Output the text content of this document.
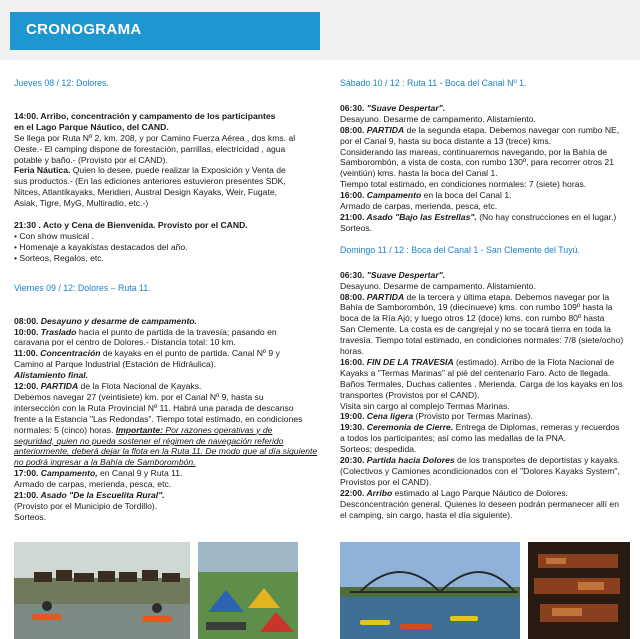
CRONOGRAMA
Jueves 08 / 12: Dolores.
14:00. Arribo, concentración y campamento de los participantes
en el Lago Parque Náutico, del CAND.
Se llega por Ruta Nº 2, km. 208, y por Camino Fuerza Aérea , dos kms. al
Oeste.- El camping dispone de forestación, parrillas, electricidad , agua
potable y baño.- (Provisto por el CAND).
Feria Náutica. Quien lo desee, puede realizar la Exposición y Venta de
sus productos.- (En las ediciones anteriores estuvieron presentes SDK,
Nitces, Atlantikayaks, Meridien, Austral Design Kayaks, Weir, Fugate,
Asiak, Tigre, MyG, Multiradio, etc.-)
21:30 . Acto y Cena de Bienvenida. Provisto por el CAND.
• Con show musical .
• Homenaje a kayakistas destacados del año.
• Sorteos, Regalos, etc.
Viernes 09 / 12: Dolores – Ruta 11.
08:00. Desayuno y desarme de campamento.
10:00. Traslado hacia el punto de partida de la travesía; pasando en
caravana por el centro de Dolores.- Distancia total: 10 km.
11:00. Concentración de kayaks en el punto de partida. Canal Nº 9 y
Camino al Parque Industrial (Estación de Hidráulica).
Alistamiento final.
12:00. PARTIDA de la Flota Nacional de Kayaks.
Debemos navegar 27 (veintisiete) km. por el Canal Nº 9, hasta su
intersección con la Ruta Provincial Nº 11. Habrá una parada de descanso
frente a la Estancia "Las Redondas". Tiempo total estimado, en condiciones
normales: 5 (cinco) horas. Importante: Por razones operativas y de
seguridad, quien no pueda sostener el régimen de navegación referido
anteriormente, deberá dejar la flota en la Ruta 11. De modo que al día siguiente
no podrá ingresar a la Bahía de Samborombón.
17:00. Campamento, en Canal 9 y Ruta 11.
Armado de carpas, merienda, pesca, etc.
21:00. Asado "De la Escuelita Rural".
(Provisto por el Municipio de Tordillo).
Sorteos.
Sábado 10 / 12 : Ruta 11 - Boca del Canal Nº 1.
06:30. "Suave Despertar".
Desayuno. Desarme de campamento. Alistamiento.
08:00. PARTIDA de la segunda etapa. Debemos navegar con rumbo NE,
por el Canal 9, hasta su boca distante a 13 (trece) kms.
Considerando las mareas, continuaremos navegando, por la Bahía de
Samborombón, a vista de costa, con rumbo 130º, para recorrer otros 21
(veintiún) kms. hasta la boca del Canal 1.
Tiempo total estimado, en condiciones normales: 7 (siete) horas.
16:00. Campamento en la boca del Canal 1.
Armado de carpas, merienda, pesca, etc.
21:00. Asado "Bajo las Estrellas". (No hay construcciones en el lugar.)
Sorteos.
Domingo 11 / 12 : Boca del Canal 1 - San Clemente del Tuyú.
06:30. "Suave Despertar".
Desayuno. Desarme de campamento. Alistamiento.
08:00. PARTIDA de la tercera y última etapa. Debemos navegar por la
Bahía de Samborombón, 19 (diecinueve) kms. con rumbo 109º hasta la
boca de la Ría Ajó; y luego otros 12 (doce) kms. con rumbo 80º hasta
San Clemente. La costa es de cangrejal y no se tocará tierra en toda la
travesía. Tiempo total estimado, en condiciones normales: 7/8 (siete/ocho)
horas.
16:00. FIN DE LA TRAVESIA (estimado). Arribo de la Flota Nacional de
Kayaks a "Termas Marinas" al pié del centenario Faro. Acto de llegada.
Baños Termales, Duchas calientes . Merienda. Carga de los kayaks en los
transportes (Provistos por el CAND).
Visita sin cargo al complejo Termas Marinas.
19:00. Cena ligera (Provisto por Termas Marinas).
19:30. Ceremonia de Cierre. Entrega de Diplomas, remeras y recuerdos
a todos los participantes; así como las medallas de la PNA.
Sorteos; despedida.
20:30. Partida hacia Dolores de los transportes de deportistas y kayaks.
(Colectivos y Camiones acondicionados con el "Dolores Kayaks System",
Provistos por el CAND).
22:00. Arribo estimado al Lago Parque Náutico de Dolores.
Desconcentración general. Quienes lo deseen podrán permanecer allí en
el camping, sin cargo, hasta el día siguiente).
